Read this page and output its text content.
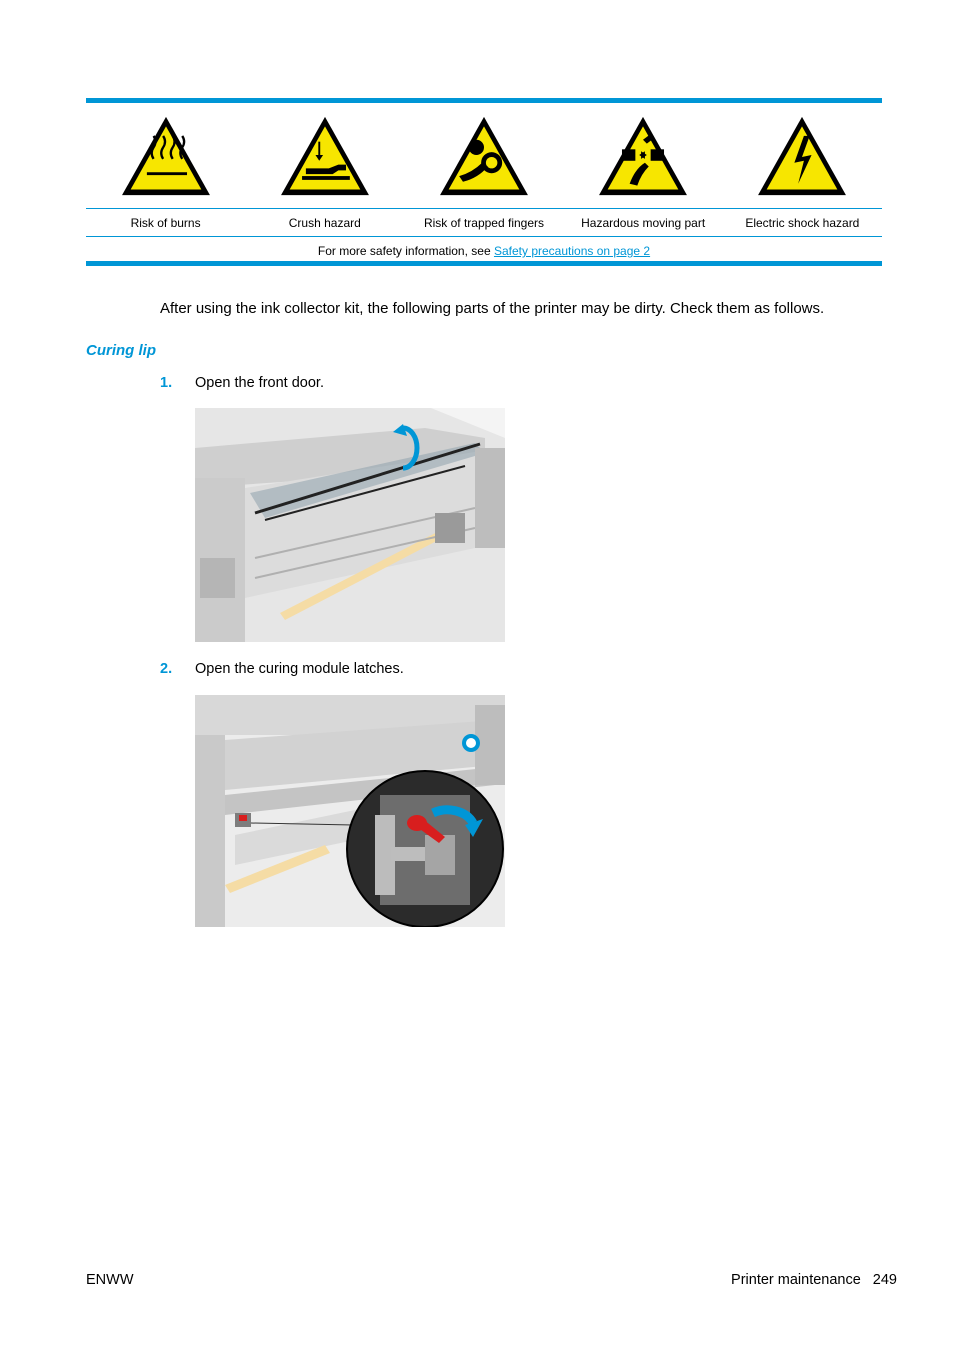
Risk of burns	Crush hazard	Risk of trapped fingers	Hazardous moving part	Electric shock hazard
For more safety information, see Safety precautions on page 2
After using the ink collector kit, the following parts of the printer may be dirty. Check them as follows.
Curing lip
1. Open the front door.
2. Open the curing module latches.
ENWW	Printer maintenance 249
